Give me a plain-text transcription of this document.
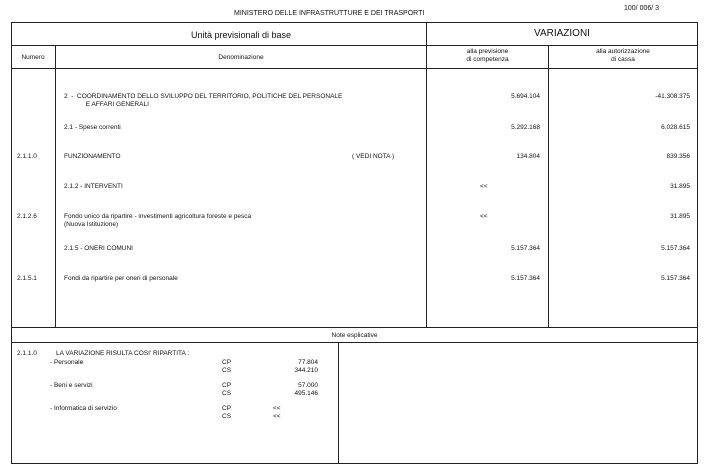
MINISTERO DELLE INFRASTRUTTURE E DEI TRASPORTI
100/ 006/ 3
Unità previsionali di base	VARIAZIONI
Numero	Denominazione
alla previsione
di competenza
alla autorizzazione
di cassa
2  -  COORDINAMENTO DELLO SVILUPPO DEL TERRITORIO, POLITICHE DEL PERSONALE
E AFFARI GENERALI
5.694.104	-41.308.375
2.1 - Spese correnti	5.292.168	6.028.615
2.1.1.0	FUNZIONAMENTO	( VEDI NOTA )	134.804	839.356
2.1.2 - INTERVENTI	<<	31.895
2.1.2.6	Fondo unico da ripartire - investimenti agricoltura foreste e pesca
(Nuova Istituzione)
<<	31.895
2.1.5 - ONERI COMUNI	5.157.364	5.157.364
2.1.5.1	Fondi da ripartire per oneri di personale	5.157.364	5.157.364
Note esplicative
2.1.1.0	LA VARIAZIONE RISULTA COSI' RIPARTITA :
- Personale	CP	77.804
CS	344.210
- Beni e servizi	CP	57.000
CS	495.146
- Informatica di servizio	CP	<<
CS	<<
